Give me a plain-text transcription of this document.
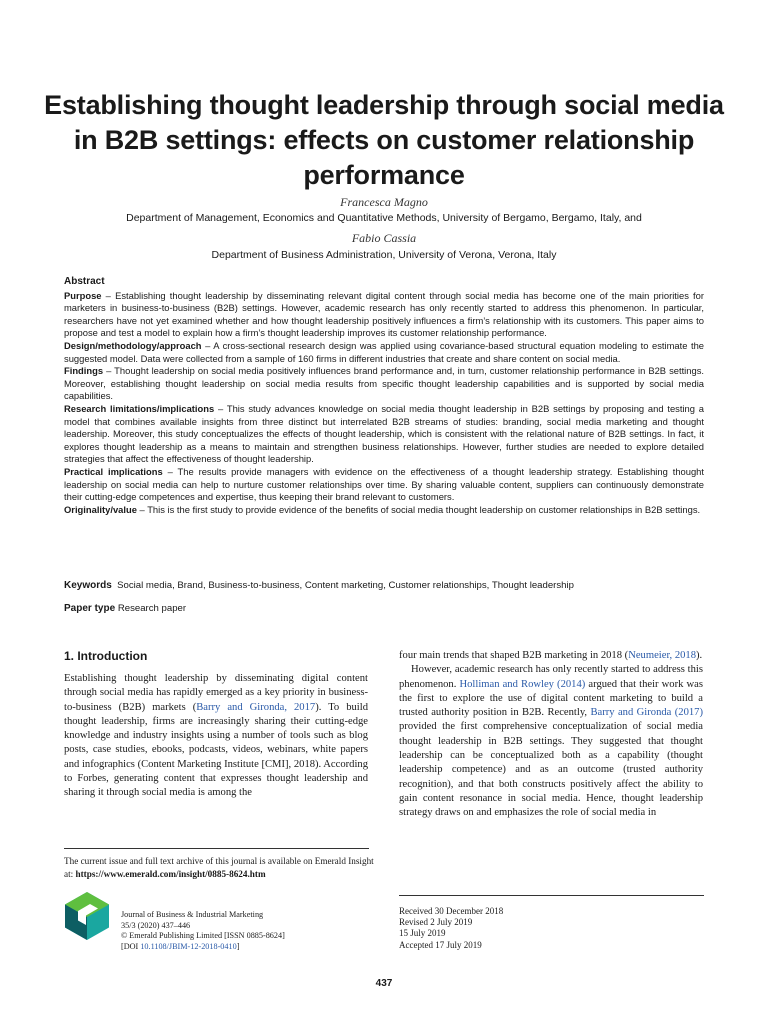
Establishing thought leadership through social media in B2B settings: effects on customer relationship performance
Francesca Magno
Department of Management, Economics and Quantitative Methods, University of Bergamo, Bergamo, Italy, and
Fabio Cassia
Department of Business Administration, University of Verona, Verona, Italy
Abstract

Purpose – Establishing thought leadership by disseminating relevant digital content through social media has become one of the main priorities for marketers in business-to-business (B2B) settings. However, academic research has only recently started to address this phenomenon. In particular, researchers have not yet examined whether and how thought leadership positively influences a firm’s relationship with its customers. This paper aims to propose and test a model to explain how a firm’s thought leadership improves its customer relationship performance.

Design/methodology/approach – A cross-sectional research design was applied using covariance-based structural equation modeling to estimate the suggested model. Data were collected from a sample of 160 firms in different industries that create and share content on social media.

Findings – Thought leadership on social media positively influences brand performance and, in turn, customer relationship performance in B2B settings. Moreover, establishing thought leadership on social media results from specific thought leadership capabilities and is supported by social media capabilities.

Research limitations/implications – This study advances knowledge on social media thought leadership in B2B settings by proposing and testing a model that combines available insights from three distinct but interrelated B2B streams of studies: branding, social media marketing and thought leadership. Moreover, this study conceptualizes the effects of thought leadership, which is consistent with the relational nature of B2B settings. In fact, it explores thought leadership as a means to maintain and strengthen business relationships. However, further studies are needed to explore detailed strategies that affect the effectiveness of thought leadership.

Practical implications – The results provide managers with evidence on the effectiveness of a thought leadership strategy. Establishing thought leadership on social media can help to nurture customer relationships over time. By sharing valuable content, suppliers can continuously demonstrate their cutting-edge competences and expertise, thus keeping their brand relevant to customers.

Originality/value – This is the first study to provide evidence of the benefits of social media thought leadership on customer relationships in B2B settings.

Keywords Social media, Brand, Business-to-business, Content marketing, Customer relationships, Thought leadership
Paper type Research paper
1. Introduction

Establishing thought leadership by disseminating digital content through social media has rapidly emerged as a key priority in business-to-business (B2B) markets (Barry and Gironda, 2017). To build thought leadership, firms are increasingly sharing their cutting-edge knowledge and industry insights using a number of tools such as blog posts, case studies, ebooks, podcasts, videos, webinars, white papers and infographics (Content Marketing Institute [CMI], 2018). According to Forbes, generating content that expresses thought leadership and sharing it through social media is among the

four main trends that shaped B2B marketing in 2018 (Neumeier, 2018).

However, academic research has only recently started to address this phenomenon. Holliman and Rowley (2014) argued that their work was the first to explore the use of digital content marketing to build a trusted authority position in B2B. Recently, Barry and Gironda (2017) provided the first comprehensive conceptualization of social media thought leadership in B2B settings. They suggested that thought leadership can be conceptualized both as a capability (thought leadership competence) and as an outcome (trusted authority recognition), and that both constructs positively affect the ability to gain content resonance in social media. Hence, thought leadership strategy draws on and emphasizes the role of social media in

The current issue and full text archive of this journal is available on Emerald Insight at: https://www.emerald.com/insight/0885-8624.htm
Journal of Business & Industrial Marketing
35/3 (2020) 437–446
© Emerald Publishing Limited [ISSN 0885-8624]
[DOI 10.1108/JBIM-12-2018-0410]
Received 30 December 2018
Revised 2 July 2019
15 July 2019
Accepted 17 July 2019
437
